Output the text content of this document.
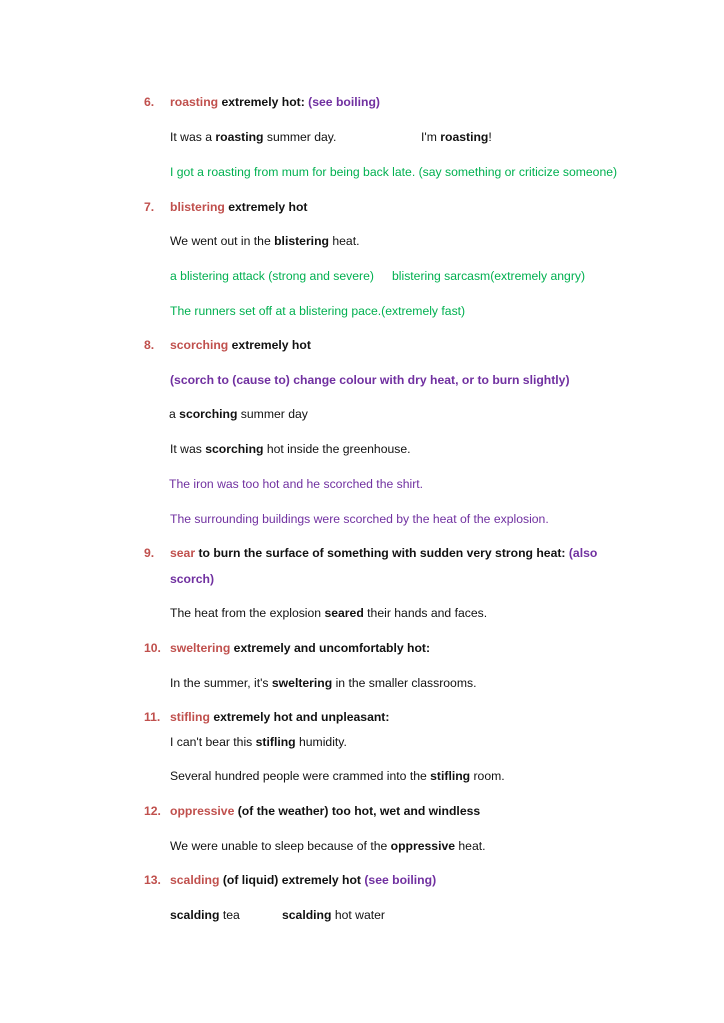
6. roasting extremely hot: (see boiling)
It was a roasting summer day.	I'm roasting!
I got a roasting from mum for being back late. (say something or criticize someone)
7. blistering extremely hot
We went out in the blistering heat.
a blistering attack (strong and severe) blistering sarcasm(extremely angry)
The runners set off at a blistering pace.(extremely fast)
8. scorching extremely hot
(scorch to (cause to) change colour with dry heat, or to burn slightly)
a scorching summer day
It was scorching hot inside the greenhouse.
The iron was too hot and he scorched the shirt.
The surrounding buildings were scorched by the heat of the explosion.
9. sear to burn the surface of something with sudden very strong heat: (also
scorch)
The heat from the explosion seared their hands and faces.
10. sweltering extremely and uncomfortably hot:
In the summer, it's sweltering in the smaller classrooms.
11. stifling extremely hot and unpleasant:
I can't bear this stifling humidity.
Several hundred people were crammed into the stifling room.
12. oppressive (of the weather) too hot, wet and windless
We were unable to sleep because of the oppressive heat.
13. scalding (of liquid) extremely hot (see boiling)
scalding tea	scalding hot water
